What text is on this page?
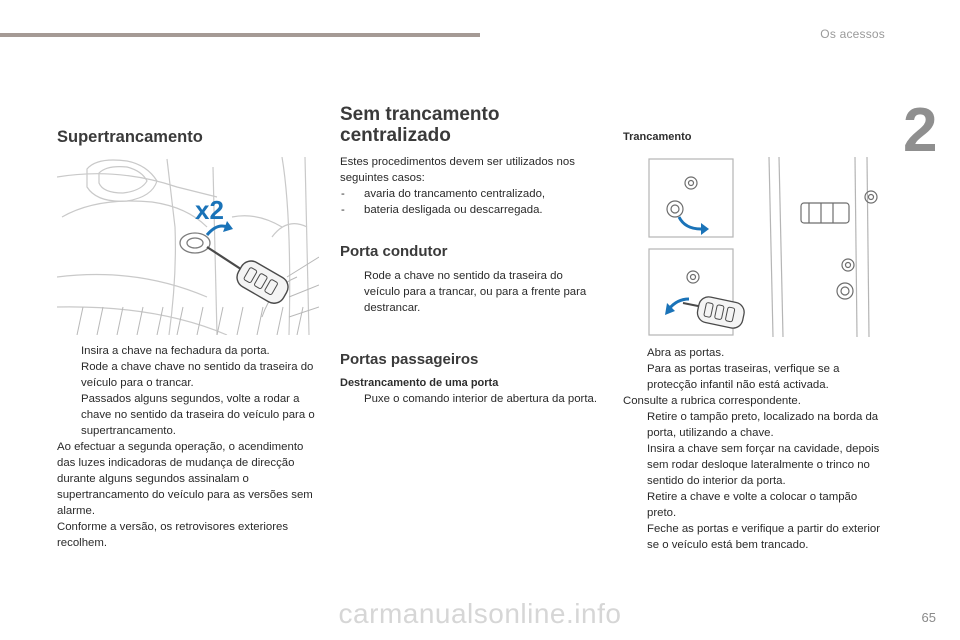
Os acessos
2
Supertrancamento
x2
Insira a chave na fechadura da porta.
Rode a chave chave no sentido da traseira do veículo para o trancar.
Passados alguns segundos, volte a rodar a chave no sentido da traseira do veículo para o supertrancamento.

Ao efectuar a segunda operação, o acendimento das luzes indicadoras de mudança de direcção durante alguns segundos assinalam o supertrancamento do veículo para as versões sem alarme.

Conforme a versão, os retrovisores exteriores recolhem.

Sem trancamento centralizado

Estes procedimentos devem ser utilizados nos seguintes casos:

- avaria do trancamento centralizado,
- bateria desligada ou descarregada.
Porta condutor
Rode a chave no sentido da traseira do veículo para a trancar, ou para a frente para destrancar.
Portas passageiros
Destrancamento de uma porta
Puxe o comando interior de abertura da porta.
Trancamento
Abra as portas.
Para as portas traseiras, verfique se a protecção infantil não está activada.

Consulte a rubrica correspondente.

Retire o tampão preto, localizado na borda da porta, utilizando a chave.
Insira a chave sem forçar na cavidade, depois sem rodar desloque lateralmente o trinco no sentido do interior da porta.
Retire a chave e volte a colocar o tampão preto.
Feche as portas e verifique a partir do exterior se o veículo está bem trancado.
carmanualsonline.info	65
